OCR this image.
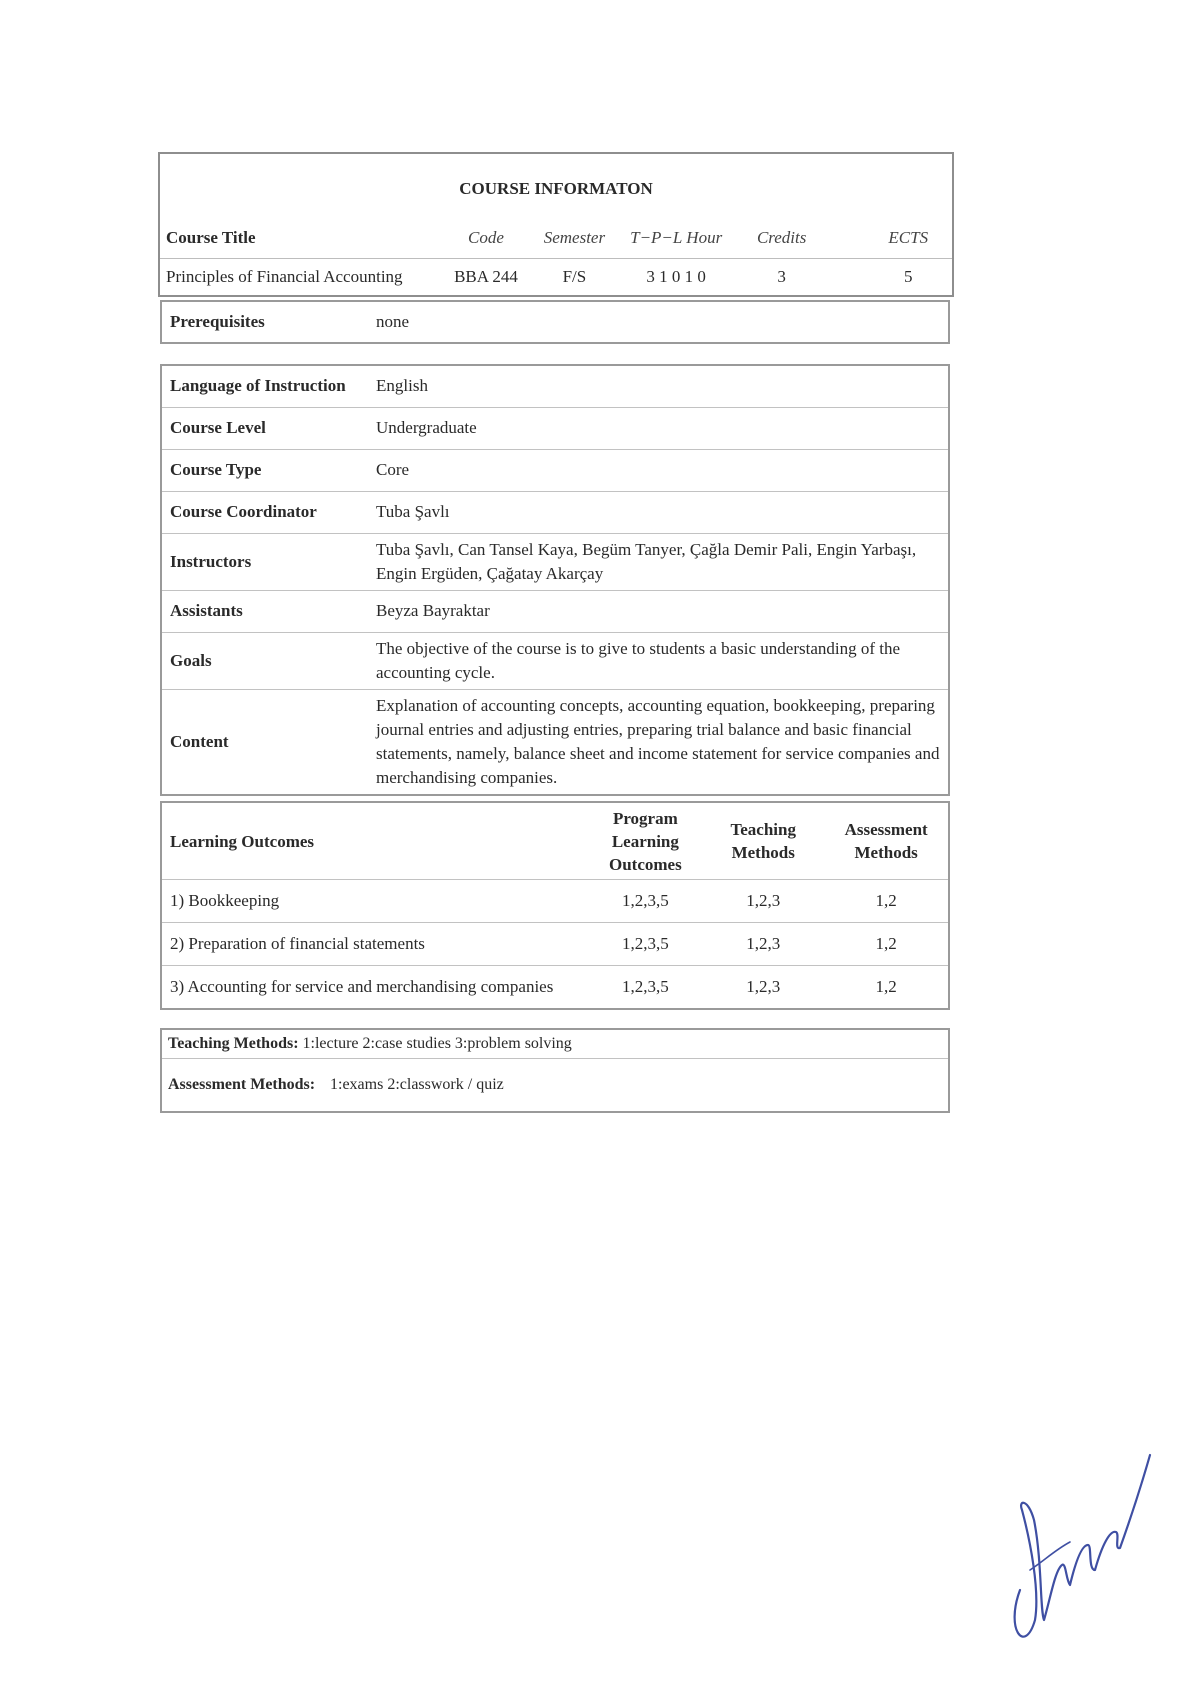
COURSE INFORMATON						
Course Title	Code	Semester	T−P−L Hour	Credits		ECTS
Principles of Financial Accounting	BBA 244	F/S	3 1 0 1 0	3		5
Prerequisites	none
Language of Instruction	English
Course Level	Undergraduate
Course Type	Core
Course Coordinator	Tuba Şavlı
Instructors	Tuba Şavlı, Can Tansel Kaya, Begüm Tanyer, Çağla Demir Pali, Engin Yarbaşı, Engin Ergüden, Çağatay Akarçay
Assistants	Beyza Bayraktar
Goals	The objective of the course is to give to students a basic understanding of the accounting cycle.
Content	Explanation of accounting concepts, accounting equation, bookkeeping, preparing journal entries and adjusting entries, preparing trial balance and basic financial statements, namely, balance sheet and income statement for service companies and merchandising companies.
Learning Outcomes	Program Learning Outcomes	Teaching Methods	Assessment Methods
1) Bookkeeping	1,2,3,5	1,2,3	1,2
2) Preparation of financial statements	1,2,3,5	1,2,3	1,2
3) Accounting for service and merchandising companies	1,2,3,5	1,2,3	1,2
Teaching Methods: 1:lecture 2:case studies 3:problem solving
Assessment Methods:	1:exams 2:classwork / quiz
